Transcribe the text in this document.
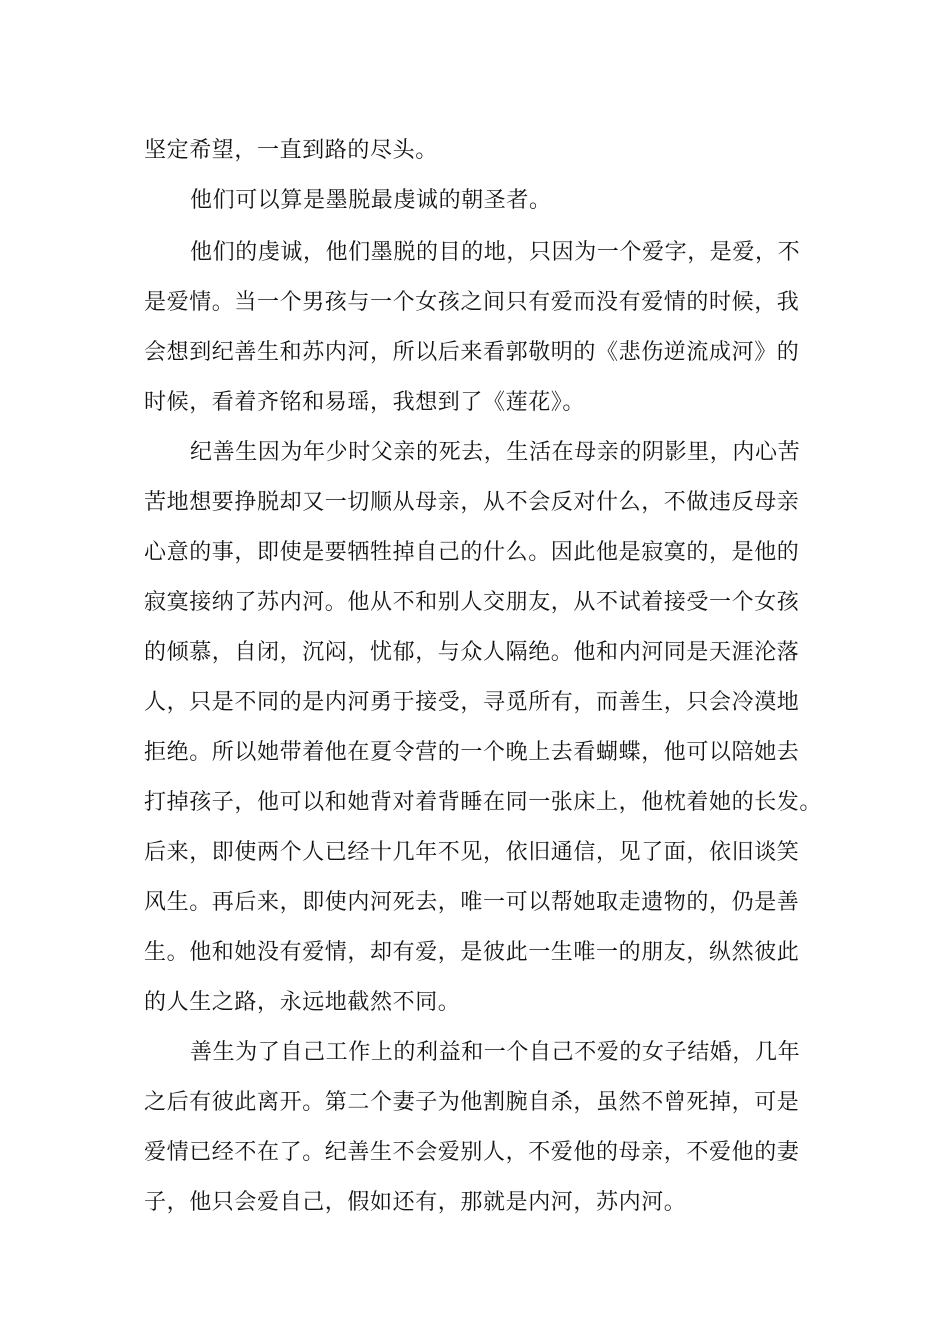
坚定希望，一直到路的尽头。
他们可以算是墨脱最虔诚的朝圣者。
他们的虔诚，他们墨脱的目的地，只因为一个爱字，是爱，不
是爱情。当一个男孩与一个女孩之间只有爱而没有爱情的时候，我
会想到纪善生和苏内河，所以后来看郭敬明的《悲伤逆流成河》的
时候，看着齐铭和易瑶，我想到了《莲花》。
纪善生因为年少时父亲的死去，生活在母亲的阴影里，内心苦
苦地想要挣脱却又一切顺从母亲，从不会反对什么，不做违反母亲
心意的事，即使是要牺牲掉自己的什么。因此他是寂寞的，是他的
寂寞接纳了苏内河。他从不和别人交朋友，从不试着接受一个女孩
的倾慕，自闭，沉闷，忧郁，与众人隔绝。他和内河同是天涯沦落
人，只是不同的是内河勇于接受，寻觅所有，而善生，只会冷漠地
拒绝。所以她带着他在夏令营的一个晚上去看蝴蝶，他可以陪她去
打掉孩子，他可以和她背对着背睡在同一张床上，他枕着她的长发。
后来，即使两个人已经十几年不见，依旧通信，见了面，依旧谈笑
风生。再后来，即使内河死去，唯一可以帮她取走遗物的，仍是善
生。他和她没有爱情，却有爱，是彼此一生唯一的朋友，纵然彼此
的人生之路，永远地截然不同。
善生为了自己工作上的利益和一个自己不爱的女子结婚，几年
之后有彼此离开。第二个妻子为他割腕自杀，虽然不曾死掉，可是
爱情已经不在了。纪善生不会爱别人，不爱他的母亲，不爱他的妻
子，他只会爱自己，假如还有，那就是内河，苏内河。
